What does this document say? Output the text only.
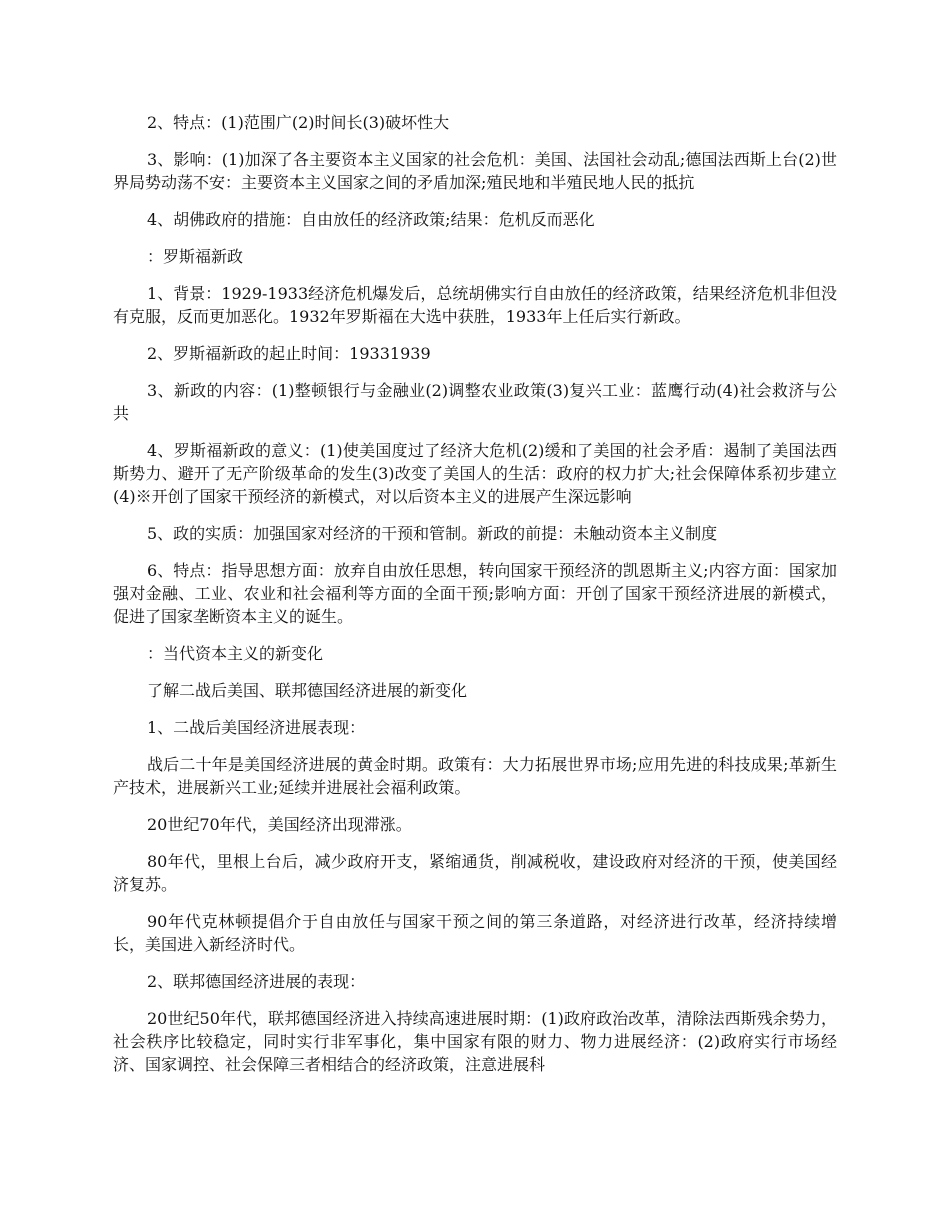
2、特点：(1)范围广(2)时间长(3)破坏性大

3、影响：(1)加深了各主要资本主义国家的社会危机：美国、法国社会动乱;德国法西斯上台(2)世界局势动荡不安：主要资本主义国家之间的矛盾加深;殖民地和半殖民地人民的抵抗

4、胡佛政府的措施：自由放任的经济政策;结果：危机反而恶化

：罗斯福新政

1、背景：1929-1933经济危机爆发后，总统胡佛实行自由放任的经济政策，结果经济危机非但没有克服，反而更加恶化。1932年罗斯福在大选中获胜，1933年上任后实行新政。

2、罗斯福新政的起止时间：19331939

3、新政的内容：(1)整顿银行与金融业(2)调整农业政策(3)复兴工业：蓝鹰行动(4)社会救济与公共

4、罗斯福新政的意义：(1)使美国度过了经济大危机(2)缓和了美国的社会矛盾：遏制了美国法西斯势力、避开了无产阶级革命的发生(3)改变了美国人的生活：政府的权力扩大;社会保障体系初步建立(4)※开创了国家干预经济的新模式，对以后资本主义的进展产生深远影响

5、政的实质：加强国家对经济的干预和管制。新政的前提：未触动资本主义制度

6、特点：指导思想方面：放弃自由放任思想，转向国家干预经济的凯恩斯主义;内容方面：国家加强对金融、工业、农业和社会福利等方面的全面干预;影响方面：开创了国家干预经济进展的新模式，促进了国家垄断资本主义的诞生。

：当代资本主义的新变化

了解二战后美国、联邦德国经济进展的新变化

1、二战后美国经济进展表现：

战后二十年是美国经济进展的黄金时期。政策有：大力拓展世界市场;应用先进的科技成果;革新生产技术，进展新兴工业;延续并进展社会福利政策。

20世纪70年代，美国经济出现滞涨。

80年代，里根上台后，减少政府开支，紧缩通货，削减税收，建设政府对经济的干预，使美国经济复苏。

90年代克林顿提倡介于自由放任与国家干预之间的第三条道路，对经济进行改革，经济持续增长，美国进入新经济时代。

2、联邦德国经济进展的表现：

20世纪50年代，联邦德国经济进入持续高速进展时期：(1)政府政治改革，清除法西斯残余势力，社会秩序比较稳定，同时实行非军事化，集中国家有限的财力、物力进展经济：(2)政府实行市场经济、国家调控、社会保障三者相结合的经济政策，注意进展科
